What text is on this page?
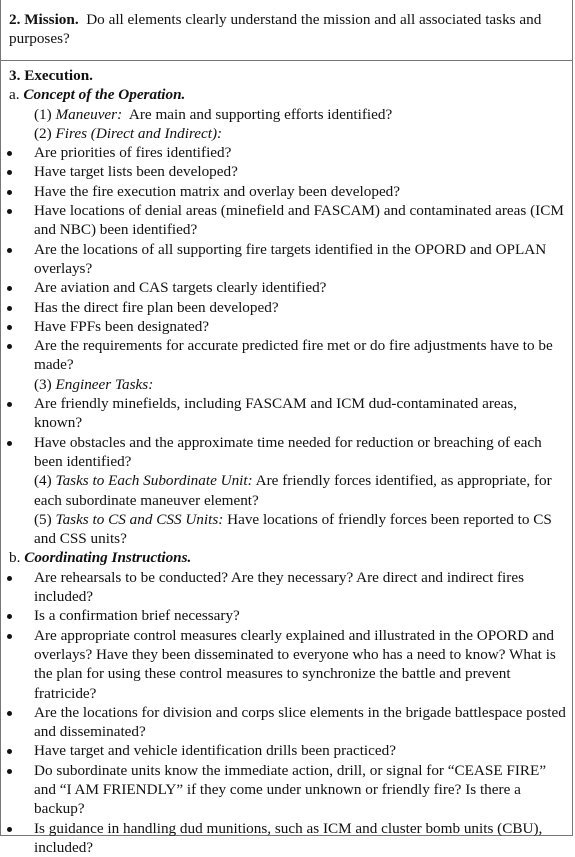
2. Mission. Do all elements clearly understand the mission and all associated tasks and purposes?

3. Execution.

a. Concept of the Operation.

(1) Maneuver: Are main and supporting efforts identified?

(2) Fires (Direct and Indirect):

Are priorities of fires identified?

Have target lists been developed?

Have the fire execution matrix and overlay been developed?

Have locations of denial areas (minefield and FASCAM) and contaminated areas (ICM and NBC) been identified?

Are the locations of all supporting fire targets identified in the OPORD and OPLAN overlays?

Are aviation and CAS targets clearly identified?

Has the direct fire plan been developed?

Have FPFs been designated?

Are the requirements for accurate predicted fire met or do fire adjustments have to be made?

(3) Engineer Tasks:

Are friendly minefields, including FASCAM and ICM dud-contaminated areas, known?

Have obstacles and the approximate time needed for reduction or breaching of each been identified?

(4) Tasks to Each Subordinate Unit: Are friendly forces identified, as appropriate, for each subordinate maneuver element?

(5) Tasks to CS and CSS Units: Have locations of friendly forces been reported to CS and CSS units?

b. Coordinating Instructions.

Are rehearsals to be conducted? Are they necessary? Are direct and indirect fires included?

Is a confirmation brief necessary?

Are appropriate control measures clearly explained and illustrated in the OPORD and overlays? Have they been disseminated to everyone who has a need to know? What is the plan for using these control measures to synchronize the battle and prevent fratricide?

Are the locations for division and corps slice elements in the brigade battlespace posted and disseminated?

Have target and vehicle identification drills been practiced?

Do subordinate units know the immediate action, drill, or signal for “CEASE FIRE” and “I AM FRIENDLY” if they come under unknown or friendly fire? Is there a backup?

Is guidance in handling dud munitions, such as ICM and cluster bomb units (CBU), included?
